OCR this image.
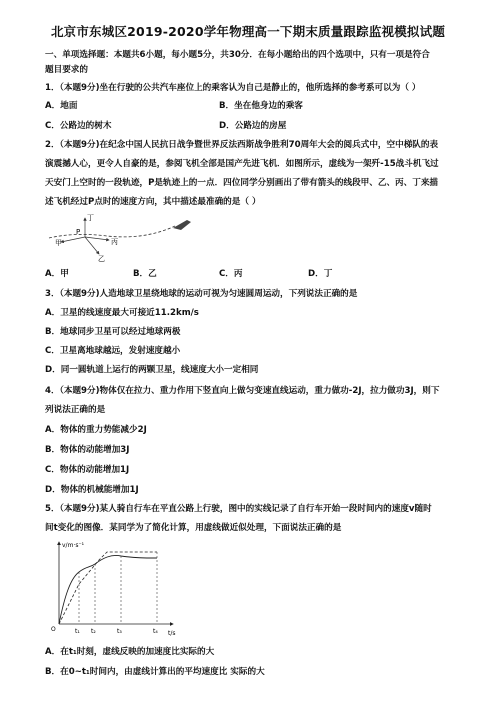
北京市东城区2019-2020学年物理高一下期末质量跟踪监视模拟试题
一、单项选择题：本题共6小题，每小题5分，共30分．在每小题给出的四个选项中，只有一项是符合
题目要求的
1．（本题9分)坐在行驶的公共汽车座位上的乘客认为自己是静止的，他所选择的参考系可以为（ ）
A．地面	B．坐在他身边的乘客
C．公路边的树木	D．公路边的房屋
2．（本题9分)在纪念中国人民抗日战争暨世界反法西斯战争胜利70周年大会的阅兵式中，空中梯队的表
演震撼人心，更令人自豪的是，参阅飞机全部是国产先进飞机．如图所示，虚线为一架歼-15战斗机飞过
天安门上空时的一段轨迹，P是轨迹上的一点．四位同学分别画出了带有箭头的线段甲、乙、丙、丁来描
述飞机经过P点时的速度方向，其中描述最准确的是（ ）
丁
甲
乙
丙
P
A．甲	B．乙	C．丙	D．丁
3．（本题9分)人造地球卫星绕地球的运动可视为匀速圆周运动，下列说法正确的是
A．卫星的线速度最大可接近11.2km/s
B．地球同步卫星可以经过地球两极
C．卫星离地球越远，发射速度越小
D．同一圆轨道上运行的两颗卫星，线速度大小一定相同
4．（本题9分)物体仅在拉力、重力作用下竖直向上做匀变速直线运动，重力做功-2J，拉力做功3J，则下
列说法正确的是
A．物体的重力势能减少2J
B．物体的动能增加3J
C．物体的动能增加1J
D．物体的机械能增加1J
5．（本题9分)某人骑自行车在平直公路上行驶，图中的实线记录了自行车开始一段时间内的速度v随时
间t变化的图像．某同学为了简化计算，用虚线做近似处理，下面说法正确的是
v/m·s⁻¹
O
t/s
t₁ t₂	t₃	t₄
A．在t₁时刻，虚线反映的加速度比实际的大
B．在0~t₁时间内，由虚线计算出的平均速度比 实际的大
